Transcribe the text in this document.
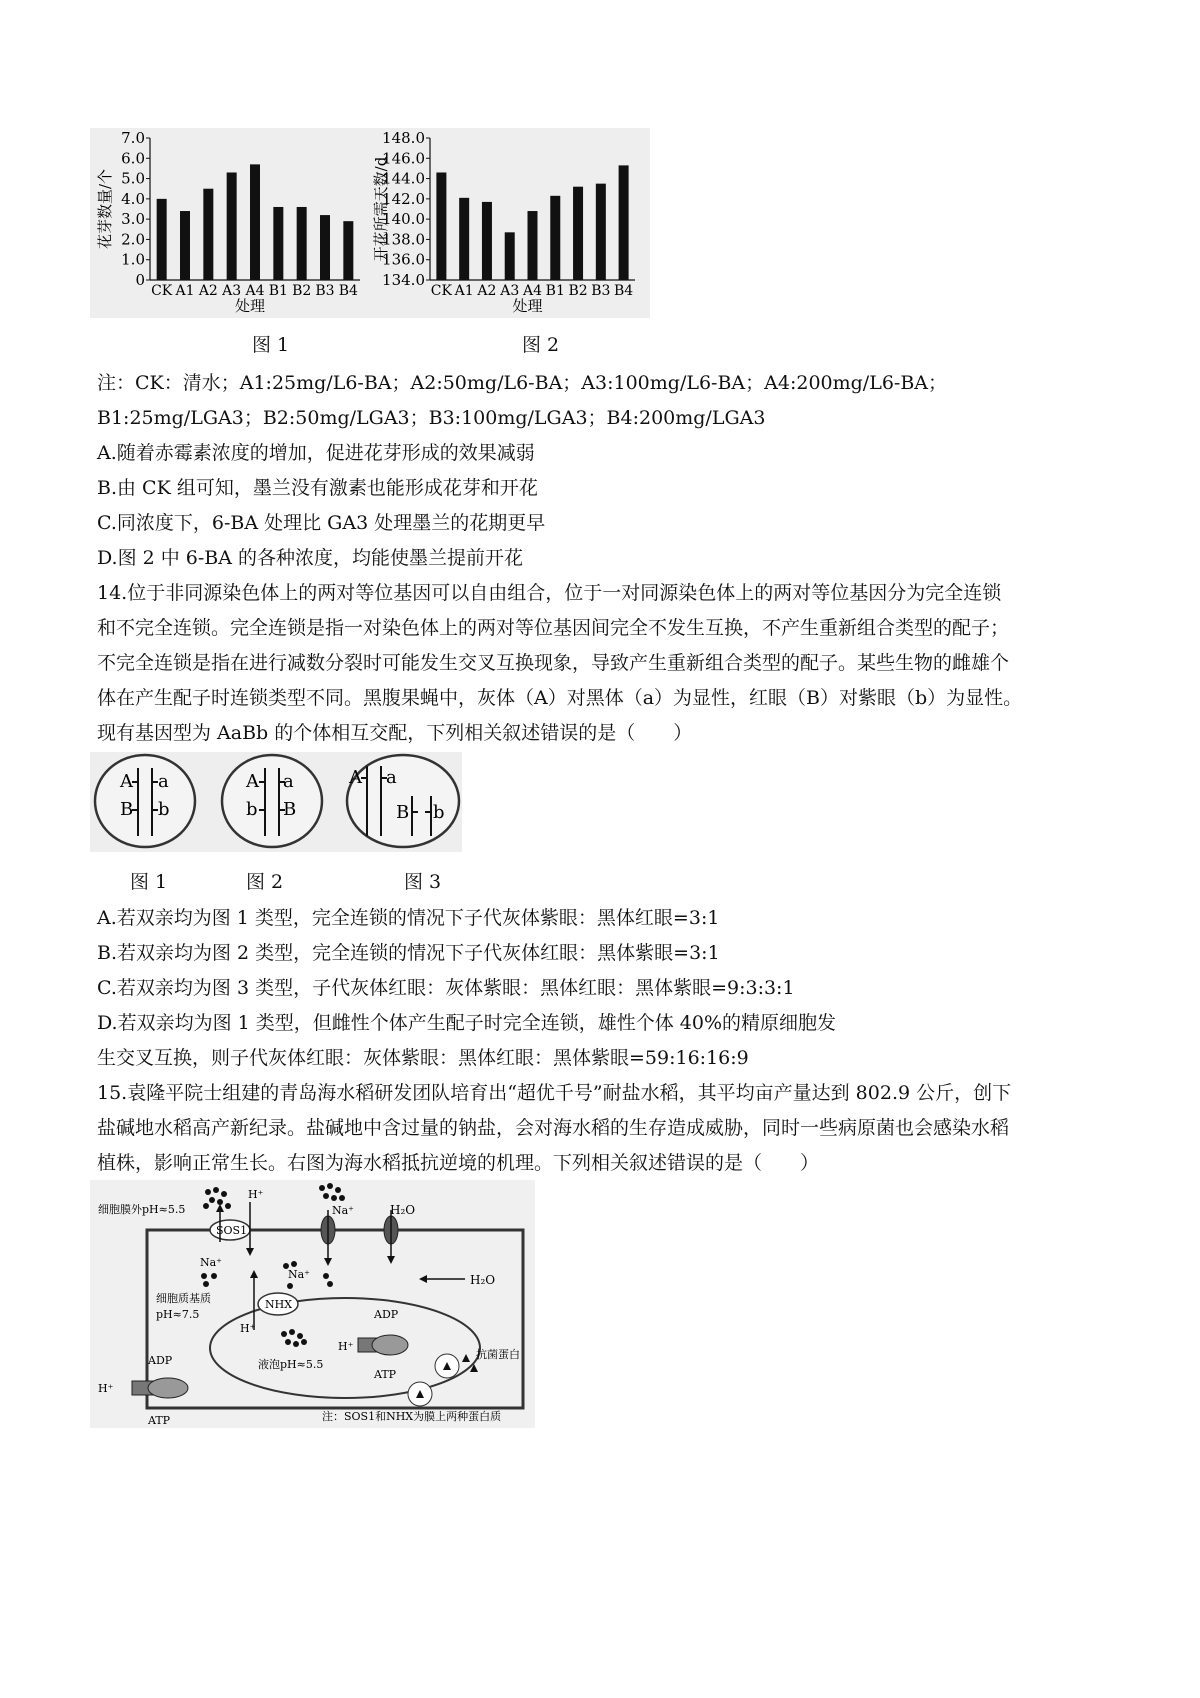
0
1.0
2.0
3.0
4.0
5.0
6.0
7.0
CK A1 A2 A3 A4 B1 B2 B3 B4
处理
花芽数量/个
134.0
136.0
138.0
140.0
142.0
144.0
146.0
148.0
CK A1 A2 A3 A4 B1 B2 B3 B4
处理
开花所需天数/d
图 1	图 2
注：CK：清水；A1:25mg/L6-BA；A2:50mg/L6-BA；A3:100mg/L6-BA；A4:200mg/L6-BA；
B1:25mg/LGA3；B2:50mg/LGA3；B3:100mg/LGA3；B4:200mg/LGA3
A.随着赤霉素浓度的增加，促进花芽形成的效果减弱
B.由 CK 组可知，墨兰没有激素也能形成花芽和开花
C.同浓度下，6-BA 处理比 GA3 处理墨兰的花期更早
D.图 2 中 6-BA 的各种浓度，均能使墨兰提前开花
14.位于非同源染色体上的两对等位基因可以自由组合，位于一对同源染色体上的两对等位基因分为完全连锁
和不完全连锁。完全连锁是指一对染色体上的两对等位基因间完全不发生互换，不产生重新组合类型的配子；
不完全连锁是指在进行减数分裂时可能发生交叉互换现象，导致产生重新组合类型的配子。某些生物的雌雄个
体在产生配子时连锁类型不同。黑腹果蝇中，灰体（A）对黑体（a）为显性，红眼（B）对紫眼（b）为显性。
现有基因型为 AaBb 的个体相互交配，下列相关叙述错误的是（　　）
A a
B b
A a
b B
A a
B b
图 1	图 2	图 3
A.若双亲均为图 1 类型，完全连锁的情况下子代灰体紫眼：黑体红眼=3:1
B.若双亲均为图 2 类型，完全连锁的情况下子代灰体红眼：黑体紫眼=3:1
C.若双亲均为图 3 类型，子代灰体红眼：灰体紫眼：黑体红眼：黑体紫眼=9:3:3:1
D.若双亲均为图 1 类型，但雌性个体产生配子时完全连锁，雄性个体 40%的精原细胞发
生交叉互换，则子代灰体红眼：灰体紫眼：黑体红眼：黑体紫眼=59:16:16:9
15.袁隆平院士组建的青岛海水稻研发团队培育出“超优千号”耐盐水稻，其平均亩产量达到 802.9 公斤，创下
盐碱地水稻高产新纪录。盐碱地中含过量的钠盐，会对海水稻的生存造成威胁，同时一些病原菌也会感染水稻
植株，影响正常生长。右图为海水稻抵抗逆境的机理。下列相关叙述错误的是（　　）
细胞膜外pH≈5.5
SOS1
H⁺
Na⁺
Na⁺	H₂O
H₂O
细胞质基质
pH≈7.5
NHX
Na⁺
H⁺
液泡pH≈5.5
ADP
ATP
H⁺
抗菌蛋白
ADP
ATP
H⁺
注：SOS1和NHX为膜上两种蛋白质
